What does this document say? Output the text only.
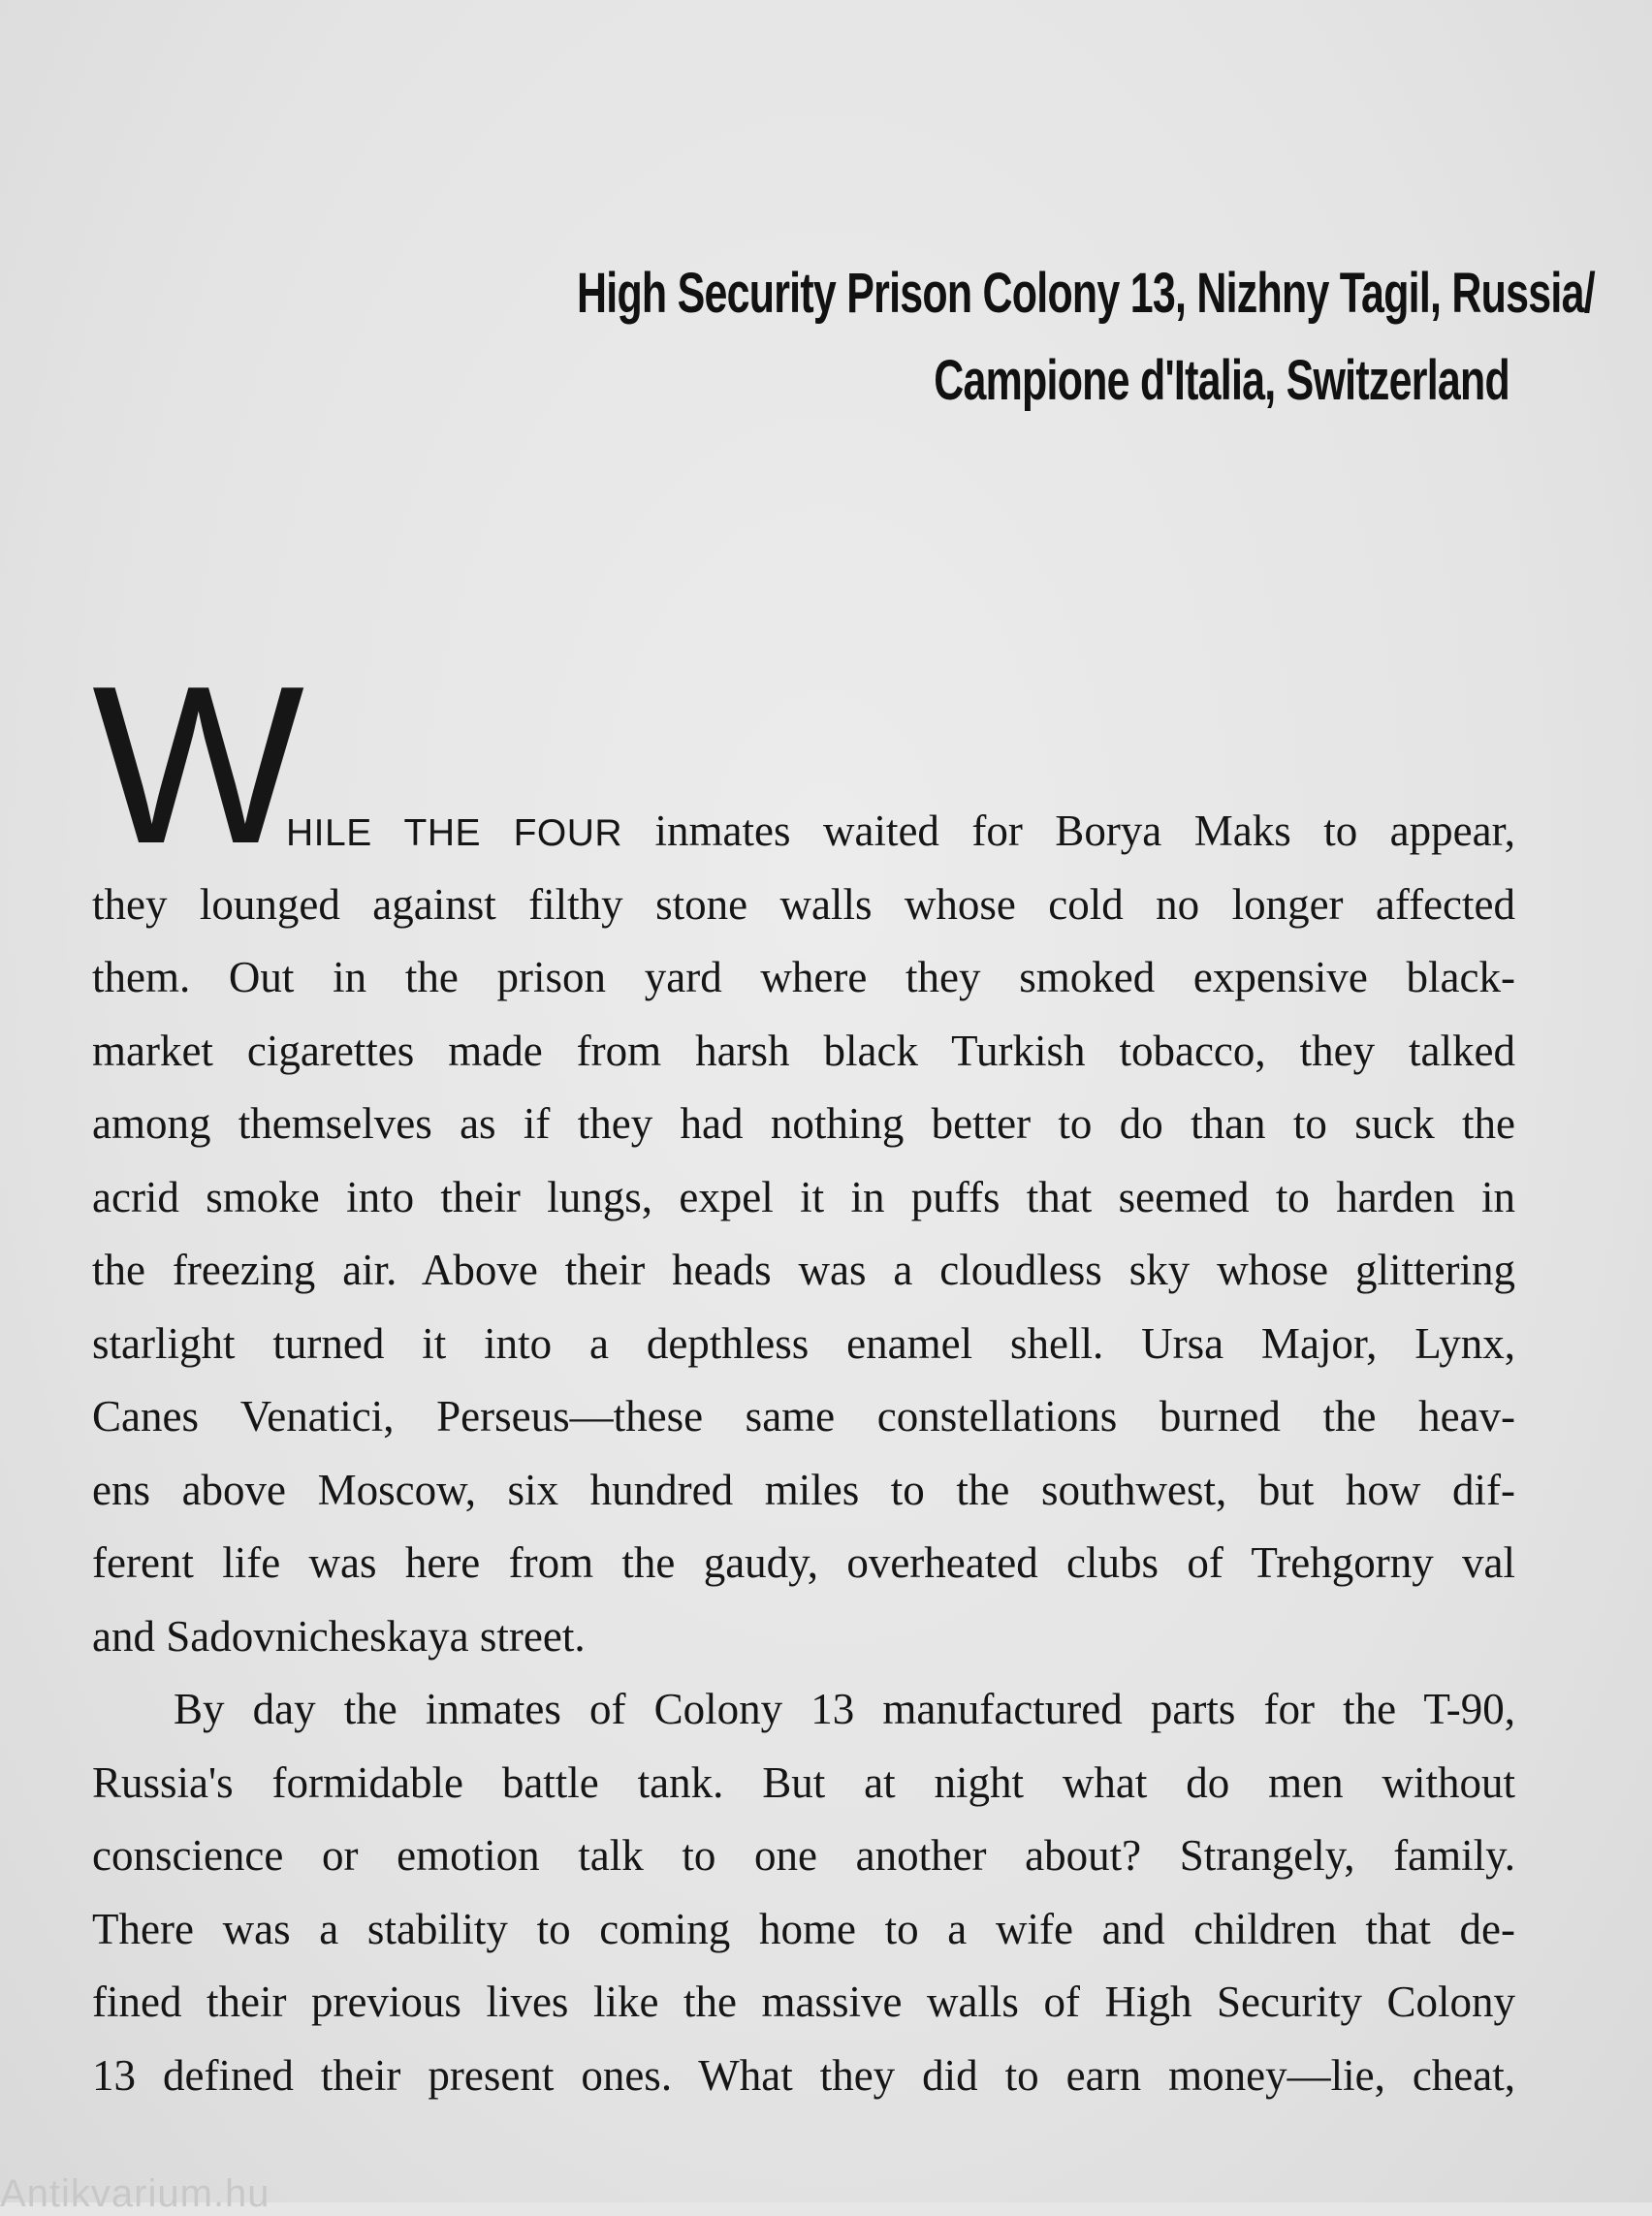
High Security Prison Colony 13, Nizhny Tagil, Russia/
Campione d'Italia, Switzerland
W
HILE THE FOUR inmates waited for Borya Maks to appear,
they lounged against filthy stone walls whose cold no longer affected
them. Out in the prison yard where they smoked expensive black-
market cigarettes made from harsh black Turkish tobacco, they talked
among themselves as if they had nothing better to do than to suck the
acrid smoke into their lungs, expel it in puffs that seemed to harden in
the freezing air. Above their heads was a cloudless sky whose glittering
starlight turned it into a depthless enamel shell. Ursa Major, Lynx,
Canes Venatici, Perseus—these same constellations burned the heav-
ens above Moscow, six hundred miles to the southwest, but how dif-
ferent life was here from the gaudy, overheated clubs of Trehgorny val
and Sadovnicheskaya street.
By day the inmates of Colony 13 manufactured parts for the T-90,
Russia's formidable battle tank. But at night what do men without
conscience or emotion talk to one another about? Strangely, family.
There was a stability to coming home to a wife and children that de-
fined their previous lives like the massive walls of High Security Colony
13 defined their present ones. What they did to earn money—lie, cheat,
Antikvarium.hu
